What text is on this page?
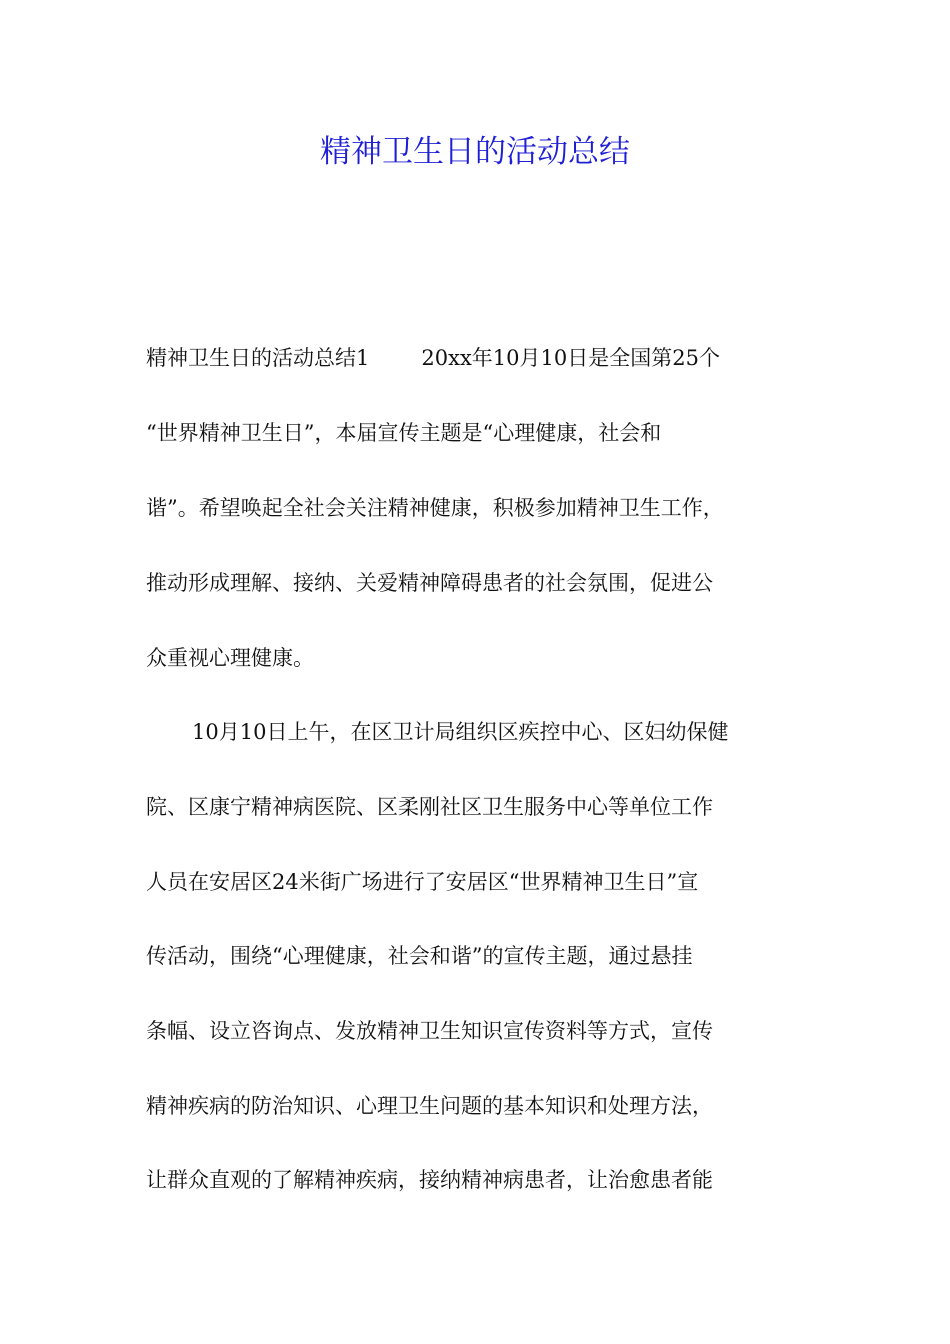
精神卫生日的活动总结
精神卫生日的活动总结1 20xx年10月10日是全国第25个
“世界精神卫生日”，本届宣传主题是“心理健康，社会和
谐”。希望唤起全社会关注精神健康，积极参加精神卫生工作，
推动形成理解、接纳、关爱精神障碍患者的社会氛围，促进公
众重视心理健康。
10月10日上午，在区卫计局组织区疾控中心、区妇幼保健
院、区康宁精神病医院、区柔刚社区卫生服务中心等单位工作
人员在安居区24米街广场进行了安居区“世界精神卫生日”宣
传活动，围绕“心理健康，社会和谐”的宣传主题，通过悬挂
条幅、设立咨询点、发放精神卫生知识宣传资料等方式，宣传
精神疾病的防治知识、心理卫生问题的基本知识和处理方法，
让群众直观的了解精神疾病，接纳精神病患者，让治愈患者能
